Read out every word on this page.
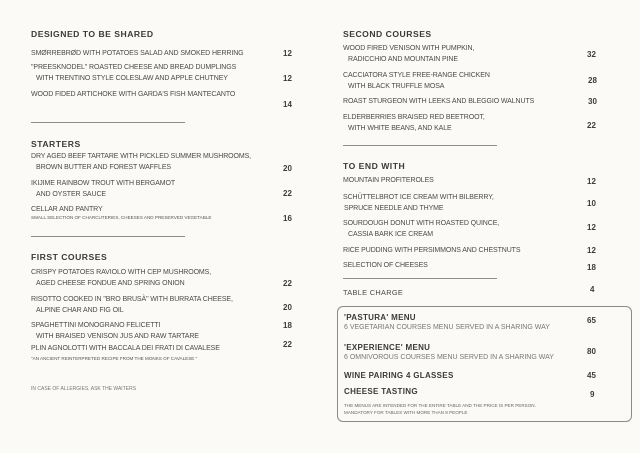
DESIGNED TO BE SHARED
SMØRREBRØD WITH POTATOES SALAD AND SMOKED HERRING	12
"PREESKNODEL" ROASTED CHEESE AND BREAD DUMPLINGS
WITH TRENTINO STYLE COLESLAW AND APPLE CHUTNEY	12
WOOD FIDED ARTICHOKE WITH GARDA'S FISH MANTECANTO
14
STARTERS
DRY AGED BEEF TARTARE WITH PICKLED SUMMER MUSHROOMS,
BROWN BUTTER AND FOREST WAFFLES	20
IKIJIME RAINBOW TROUT WITH BERGAMOT
AND OYSTER SAUCE	22
CELLAR AND PANTRY
SMALL SELECTION OF CHARCUTERIES, CHEESES AND PRESERVED VEGETABLE	16
FIRST COURSES
CRISPY POTATOES RAVIOLO WITH CEP MUSHROOMS,
AGED CHEESE FONDUE AND SPRING ONION	22
RISOTTO COOKED IN "BRO BRUSÀ" WITH BURRATA CHEESE,
ALPINE CHAR AND FIG OIL	20
SPAGHETTINI MONOGRANO FELICETTI
WITH BRAISED VENISON JUS AND RAW TARTARE
18
PLIN AGNOLOTTI WITH BACCALA DEI FRATI DI CAVALESE
"AN ANCIENT REINTERPRETED RECIPE FROM THE MONKS OF CAVALESE "
22
IN CASE OF ALLERGIES, ASK THE WAITERS
SECOND COURSES
WOOD FIRED VENISON WITH PUMPKIN,
RADICCHIO AND MOUNTAIN PINE
32
CACCIATORA STYLE FREE-RANGE CHICKEN
WITH BLACK TRUFFLE MOSA
28
ROAST STURGEON WITH LEEKS AND BLEGGIO WALNUTS	30
ELDERBERRIES BRAISED RED BEETROOT,
WITH WHITE BEANS, AND KALE	22
TO END WITH
MOUNTAIN PROFITEROLES	12
SCHÜTTELBROT ICE CREAM WITH BILBERRY,
SPRUCE NEEDLE AND THYME
10
SOURDOUGH DONUT WITH ROASTED QUINCE,
CASSIA BARK ICE CREAM
12
RICE PUDDING WITH PERSIMMONS AND CHESTNUTS	12
SELECTION OF CHEESES	18
TABLE CHARGE	4
'PASTURA' MENU
6 VEGETARIAN COURSES MENU SERVED IN A SHARING WAY
65
'EXPERIENCE' MENU
6 OMNIVOROUS COURSES MENU SERVED IN A SHARING WAY
80
WINE PAIRING 4 GLASSES	45
CHEESE TASTING	9
THE MENUS ARE INTENDED FOR THE ENTIRE TABLE AND THE PRICE IS PER PERSON.
MANDATORY FOR TABLES WITH MORE THAN 8 PEOPLE
